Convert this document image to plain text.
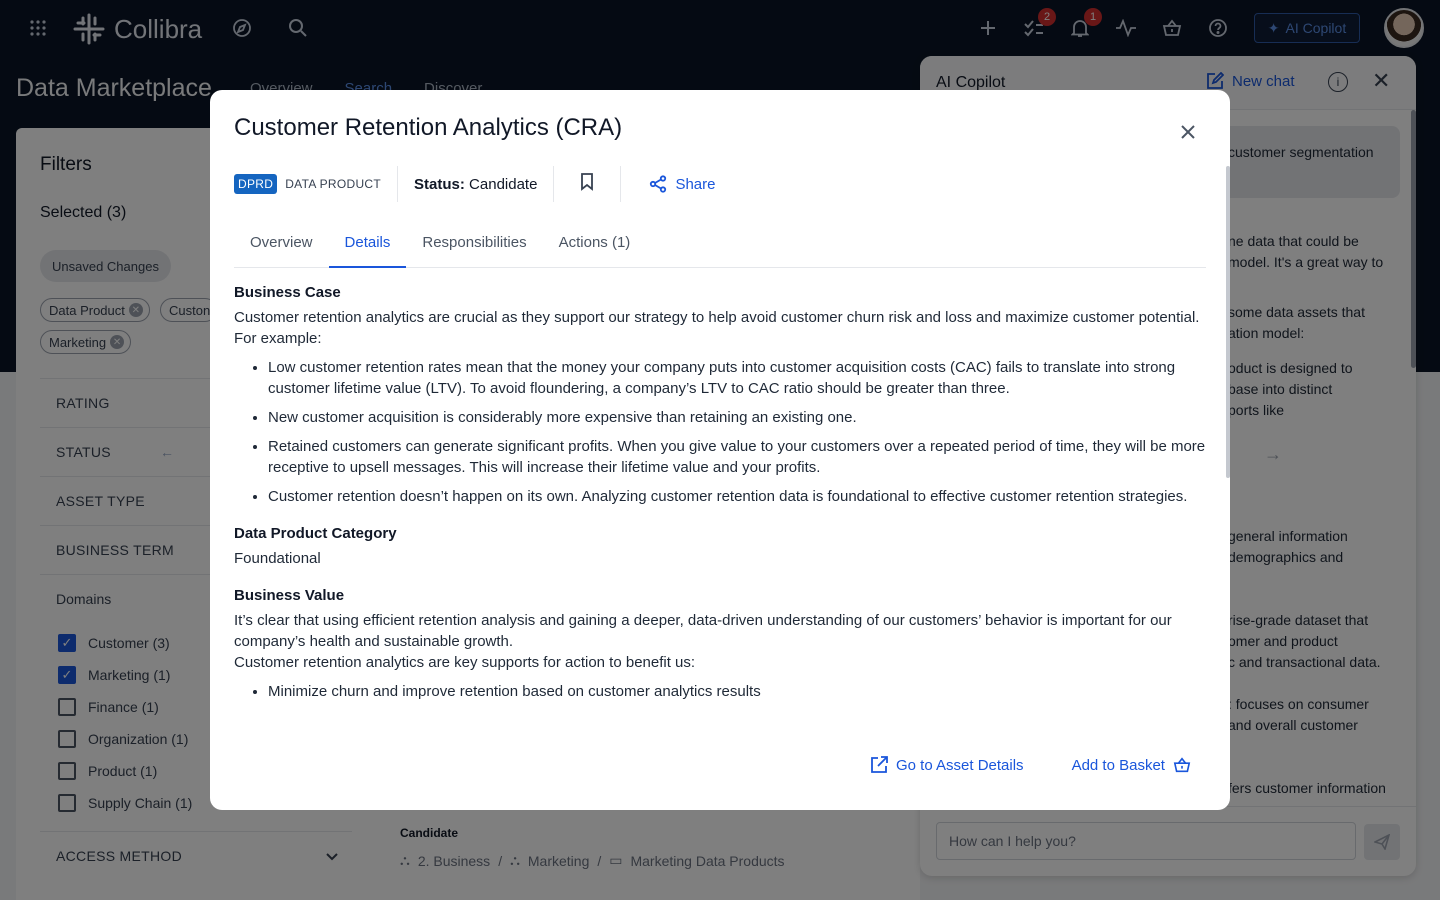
Customer Retention Analytics (CRA)
DPRD	DATA PRODUCT Status: Candidate	Share
Overview	Details	Responsibilities	Actions (1)
Business Case

Customer retention analytics are crucial as they support our strategy to help avoid customer churn risk and loss and maximize customer potential. For example:

• Low customer retention rates mean that the money your company puts into customer acquisition costs (CAC) fails to translate into strong customer lifetime value (LTV). To avoid floundering, a company’s LTV to CAC ratio should be greater than three.
• New customer acquisition is considerably more expensive than retaining an existing one.
• Retained customers can generate significant profits. When you give value to your customers over a repeated period of time, they will be more receptive to upsell messages. This will increase their lifetime value and your profits.
• Customer retention doesn’t happen on its own. Analyzing customer retention data is foundational to effective customer retention strategies.
Data Product Category

Foundational

Business Value

It’s clear that using efficient retention analysis and gaining a deeper, data-driven understanding of our customers’ behavior is important for our company’s health and sustainable growth.

Customer retention analytics are key supports for action to benefit us:

• Minimize churn and improve retention based on customer analytics results
Go to Asset Details	Add to Basket
